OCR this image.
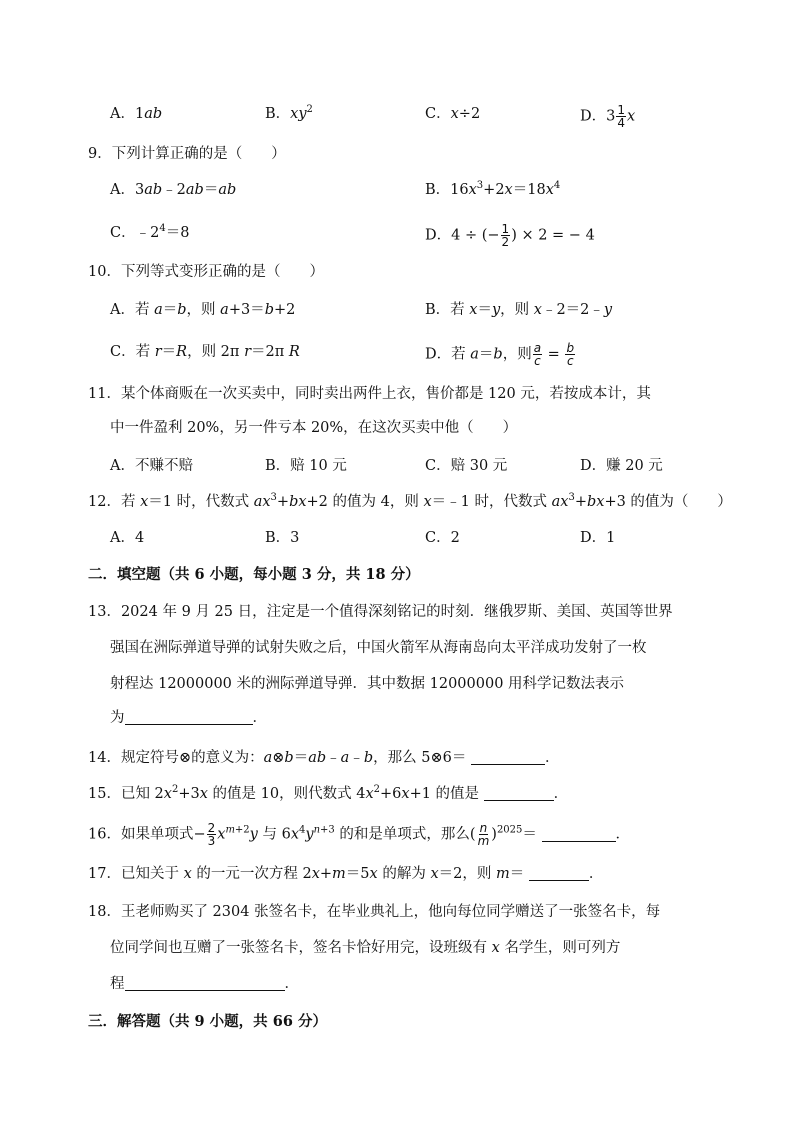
A．1ab	B．$xy^2$	C．x÷2	D．$3 \frac{1}{4}$ x
9．下列计算正确的是（　　）
A．3ab﹣2ab＝ab	B．$16x^3+2x=18x^4$
C．$﹣2^4=8$	D．4 ÷ (− $\frac{1}{2}$ ) × 2 = − 4
10．下列等式变形正确的是（　　）
A．若 a＝b，则 a+3＝b+2	B．若 x＝y，则 x﹣2＝2﹣y
C．若 r＝R，则 2π r＝2π R	D．若 a＝b，则 $\frac{a}{c} = \frac{b}{c}$
11．某个体商贩在一次买卖中，同时卖出两件上衣，售价都是 120 元，若按成本计，其
中一件盈利 20%，另一件亏本 20%，在这次买卖中他（　　）
A．不赚不赔	B．赔 10 元	C．赔 30 元	D．赚 20 元
12．若 x＝1 时，代数式 $ax^3+bx+2$ 的值为 4，则 x＝﹣1 时，代数式 $ax^3+bx+3$ 的值为（　　）
A．4	B．3	C．2	D．1
二．填空题（共 6 小题，每小题 3 分，共 18 分）
13．2024 年 9 月 25 日，注定是一个值得深刻铭记的时刻．继俄罗斯、美国、英国等世界
强国在洲际弹道导弹的试射失败之后，中国火箭军从海南岛向太平洋成功发射了一枚
射程达 12000000 米的洲际弹道导弹．其中数据 12000000 用科学记数法表示
为	．
14．规定符号⊗的意义为：a⊗b＝ab﹣a﹣b，那么 5⊗6＝	．
15．已知 $2x^2+3x$ 的值是 10，则代数式 $4x^2+6x+1$ 的值是	．
16．如果单项式− $\frac{2}{3} x^{m+2}y$ 与 $6x^4y^{n+3}$ 的和是单项式，那么( $\frac{n}{m} )^{2025}=$	．
17．已知关于 x 的一元一次方程 2x+m＝5x 的解为 x＝2，则 m＝	．
18．王老师购买了 2304 张签名卡，在毕业典礼上，他向每位同学赠送了一张签名卡，每
位同学间也互赠了一张签名卡，签名卡恰好用完，设班级有 x 名学生，则可列方
程	．
三．解答题（共 9 小题，共 66 分）
